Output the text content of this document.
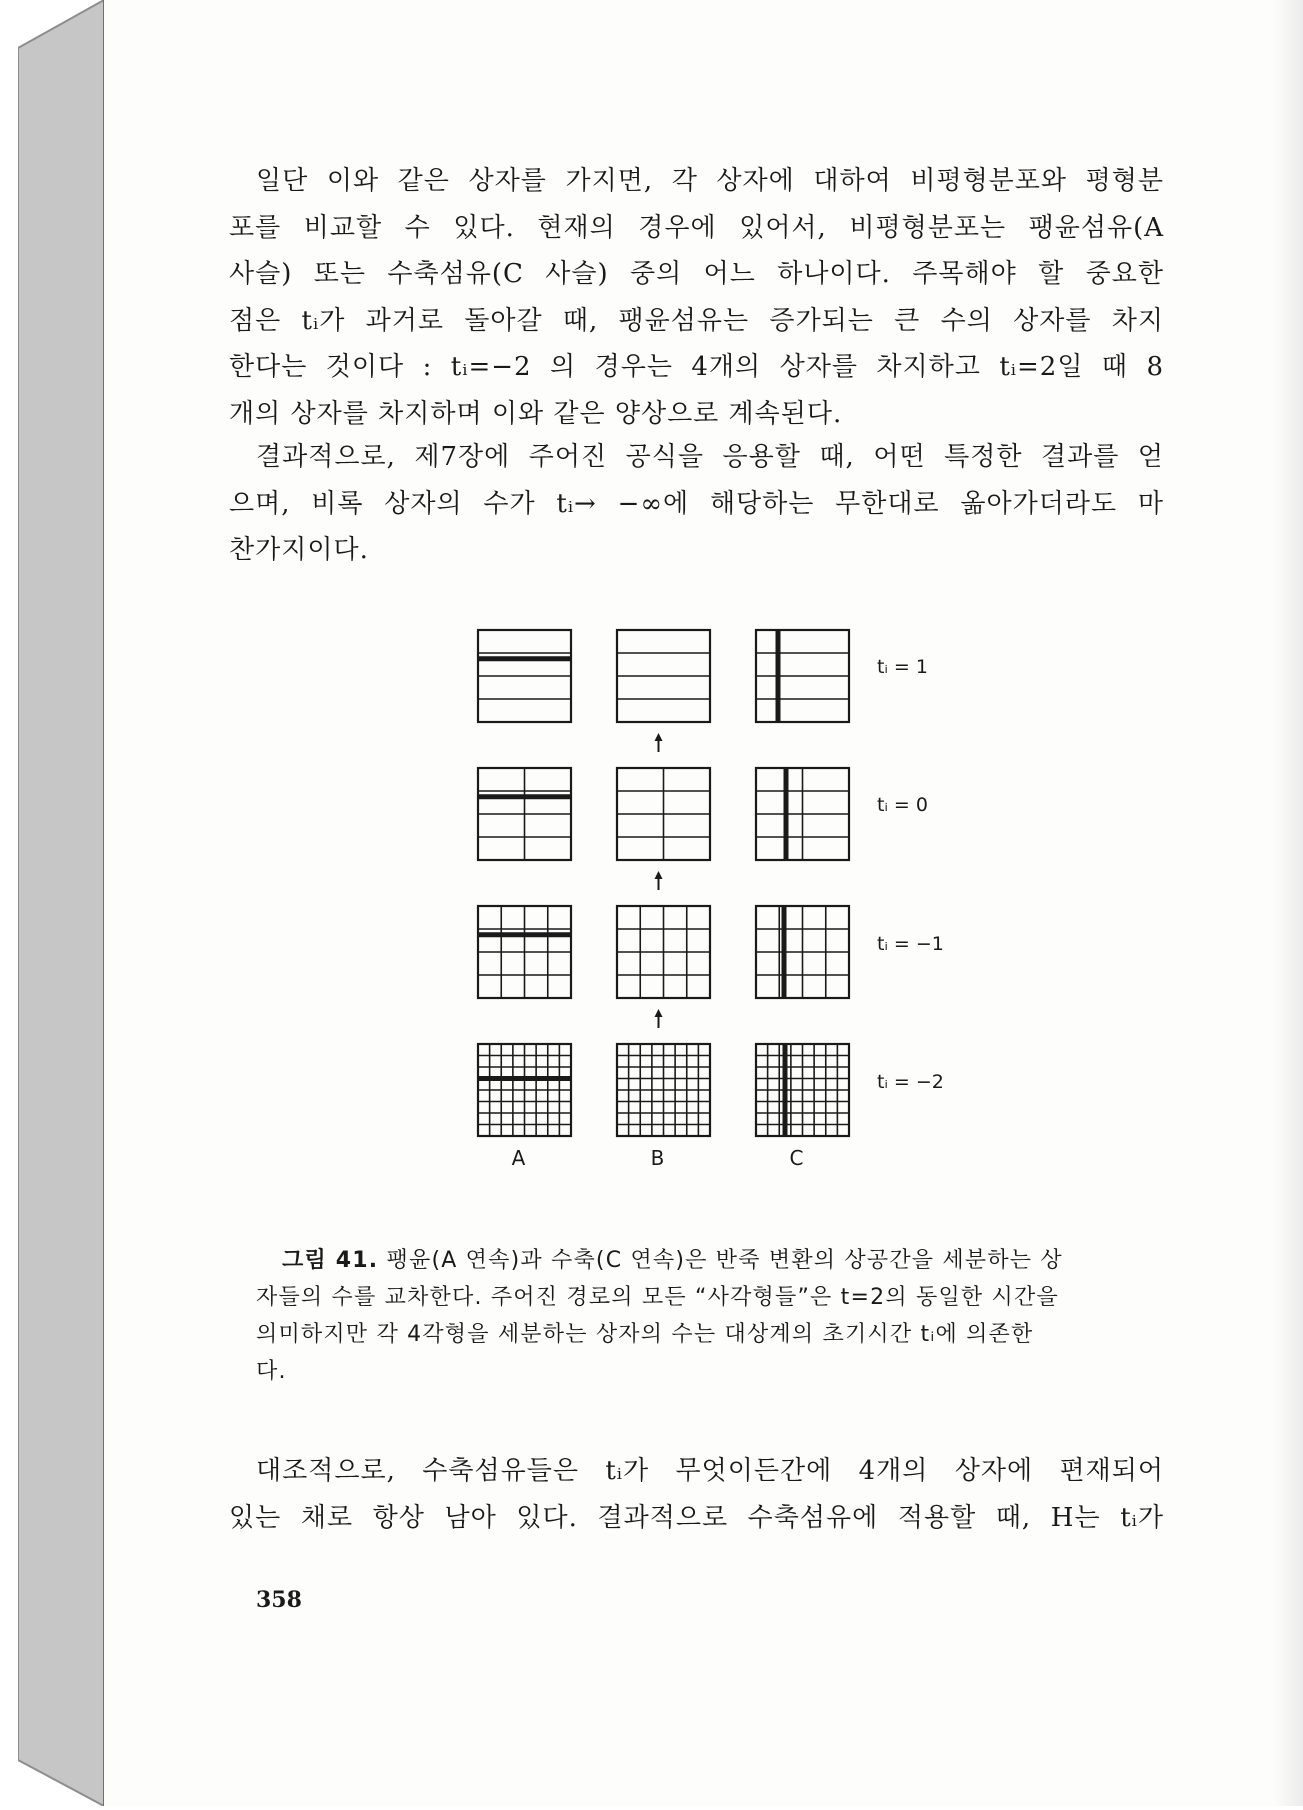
일단 이와 같은 상자를 가지면, 각 상자에 대하여 비평형분포와 평형분
포를 비교할 수 있다. 현재의 경우에 있어서, 비평형분포는 팽윤섬유(A
사슬) 또는 수축섬유(C 사슬) 중의 어느 하나이다. 주목해야 할 중요한
점은 tᵢ가 과거로 돌아갈 때, 팽윤섬유는 증가되는 큰 수의 상자를 차지
한다는 것이다 : tᵢ=−2 의 경우는 4개의 상자를 차지하고 tᵢ=2일 때 8
개의 상자를 차지하며 이와 같은 양상으로 계속된다.
결과적으로, 제7장에 주어진 공식을 응용할 때, 어떤 특정한 결과를 얻
으며, 비록 상자의 수가 tᵢ→ −∞에 해당하는 무한대로 옮아가더라도 마
찬가지이다.
tᵢ = 1
tᵢ = 0
tᵢ = −1
tᵢ = −2
A	B	C
그림 41. 팽윤(A 연속)과 수축(C 연속)은 반죽 변환의 상공간을 세분하는 상
자들의 수를 교차한다. 주어진 경로의 모든 “사각형들”은 t=2의 동일한 시간을
의미하지만 각 4각형을 세분하는 상자의 수는 대상계의 초기시간 tᵢ에 의존한
다.
대조적으로, 수축섬유들은 tᵢ가 무엇이든간에 4개의 상자에 편재되어
있는 채로 항상 남아 있다. 결과적으로 수축섬유에 적용할 때, H는 tᵢ가
358
